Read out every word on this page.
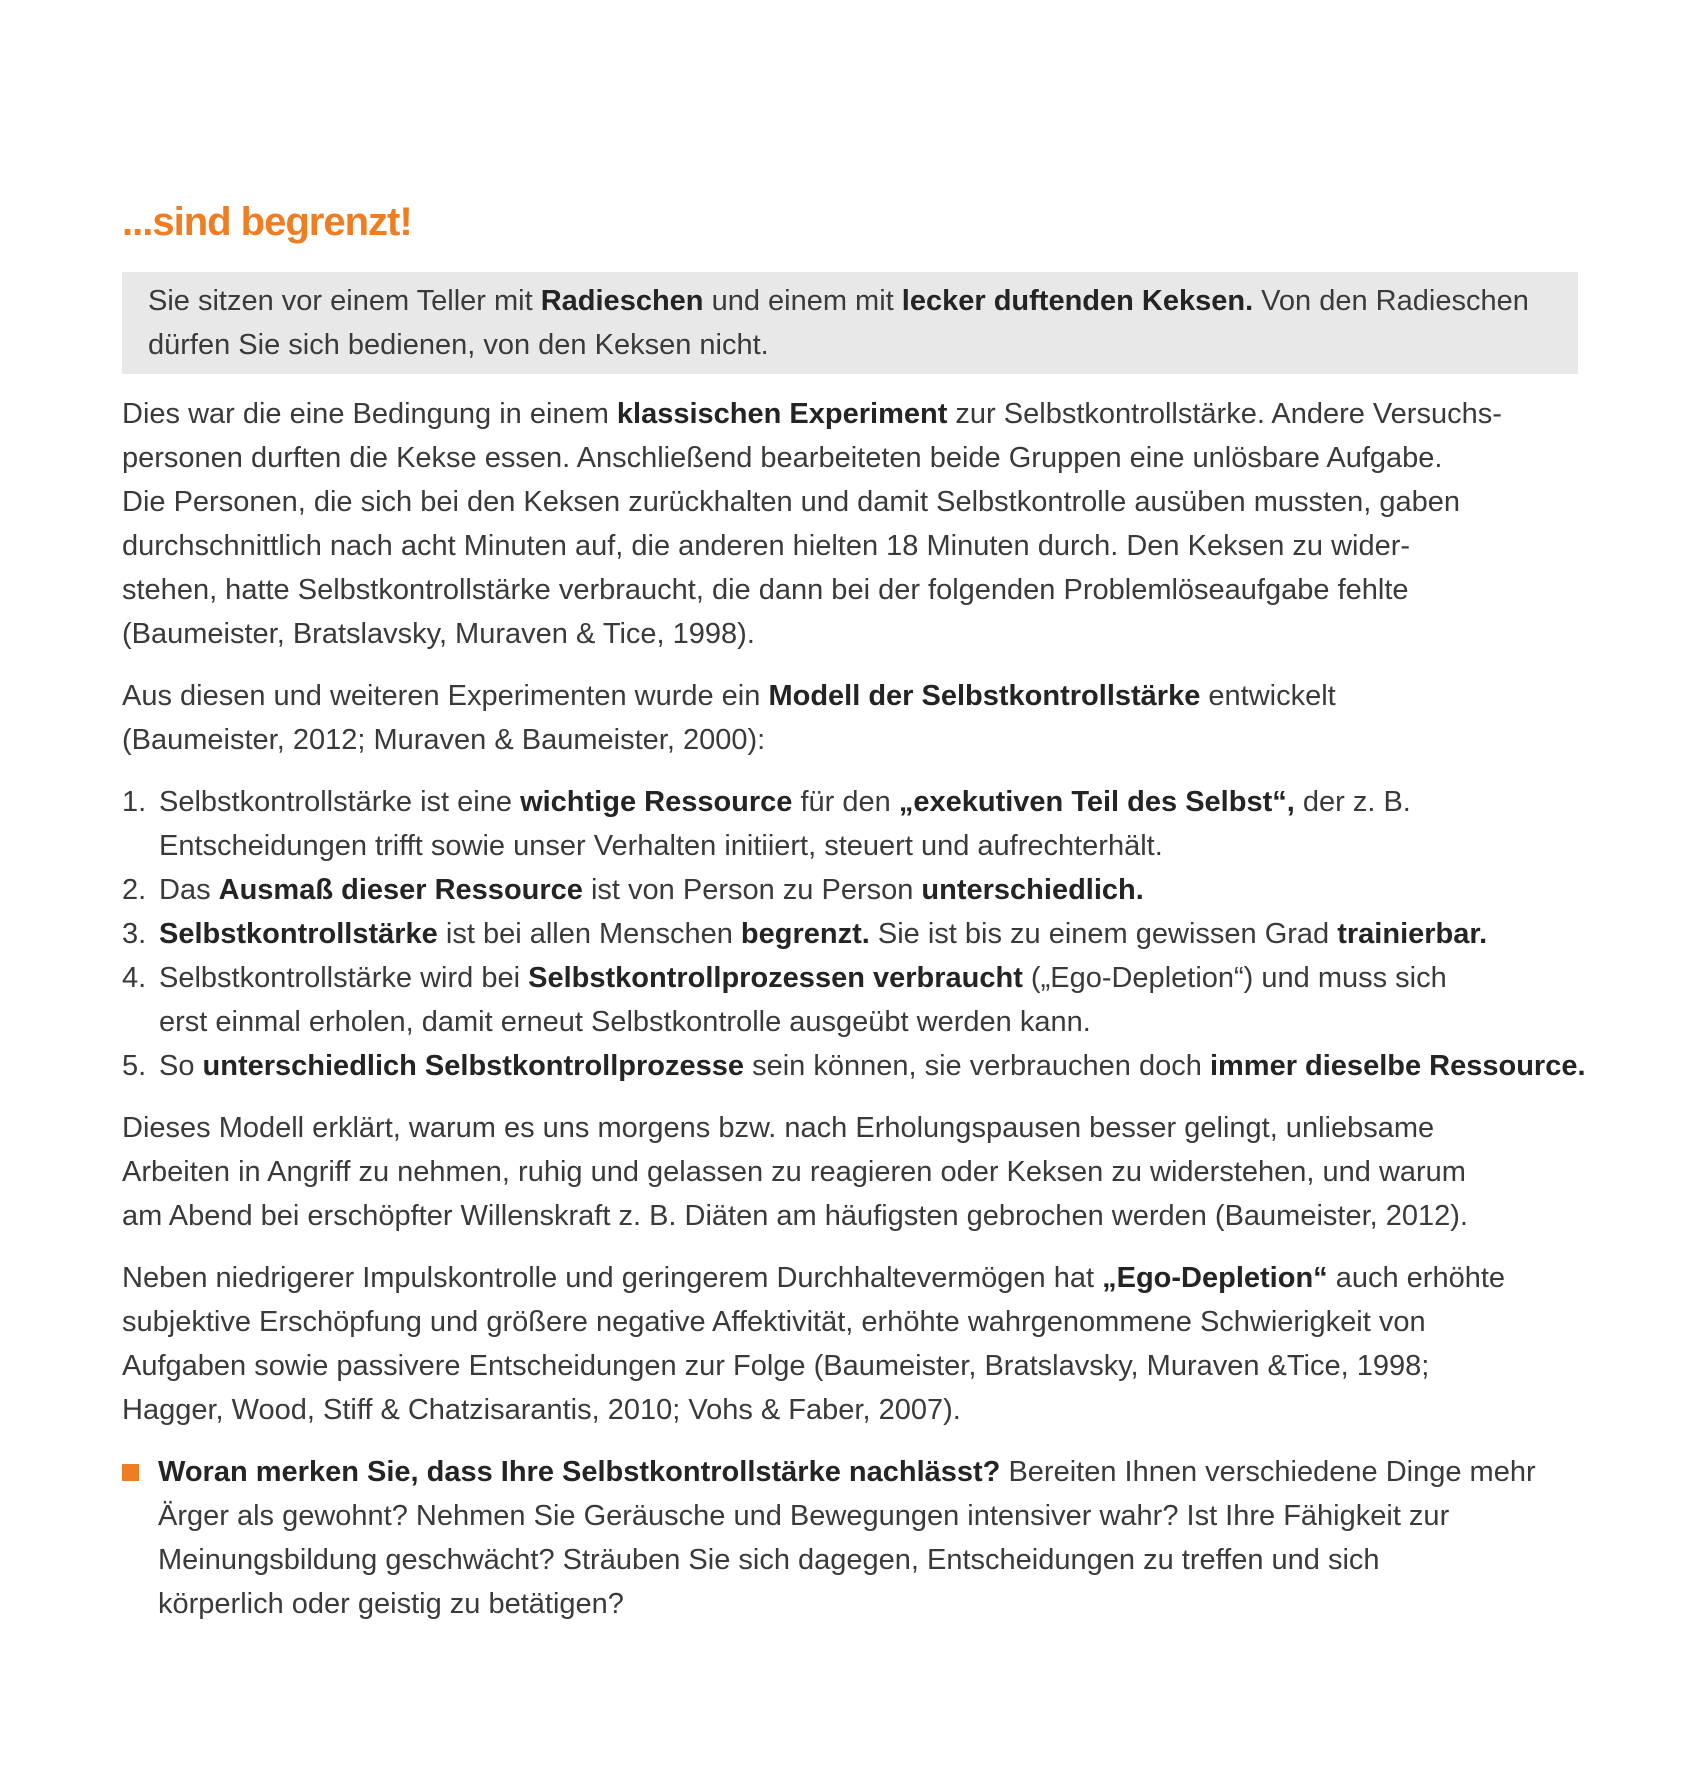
...sind begrenzt!
Sie sitzen vor einem Teller mit Radieschen und einem mit lecker duftenden Keksen. Von den Radieschen
dürfen Sie sich bedienen, von den Keksen nicht.
Dies war die eine Bedingung in einem klassischen Experiment zur Selbstkontrollstärke. Andere Versuchs-
personen durften die Kekse essen. Anschließend bearbeiteten beide Gruppen eine unlösbare Aufgabe.
Die Personen, die sich bei den Keksen zurückhalten und damit Selbstkontrolle ausüben mussten, gaben
durchschnittlich nach acht Minuten auf, die anderen hielten 18 Minuten durch. Den Keksen zu wider-
stehen, hatte Selbstkontrollstärke verbraucht, die dann bei der folgenden Problemlöseaufgabe fehlte
(Baumeister, Bratslavsky, Muraven & Tice, 1998).
Aus diesen und weiteren Experimenten wurde ein Modell der Selbstkontrollstärke entwickelt
(Baumeister, 2012; Muraven & Baumeister, 2000):
1. Selbstkontrollstärke ist eine wichtige Ressource für den „exekutiven Teil des Selbst“, der z. B.
Entscheidungen trifft sowie unser Verhalten initiiert, steuert und aufrechterhält.
2. Das Ausmaß dieser Ressource ist von Person zu Person unterschiedlich.
3. Selbstkontrollstärke ist bei allen Menschen begrenzt. Sie ist bis zu einem gewissen Grad trainierbar.
4. Selbstkontrollstärke wird bei Selbstkontrollprozessen verbraucht („Ego-Depletion“) und muss sich
erst einmal erholen, damit erneut Selbstkontrolle ausgeübt werden kann.
5. So unterschiedlich Selbstkontrollprozesse sein können, sie verbrauchen doch immer dieselbe Ressource.
Dieses Modell erklärt, warum es uns morgens bzw. nach Erholungspausen besser gelingt, unliebsame
Arbeiten in Angriff zu nehmen, ruhig und gelassen zu reagieren oder Keksen zu widerstehen, und warum
am Abend bei erschöpfter Willenskraft z. B. Diäten am häufigsten gebrochen werden (Baumeister, 2012).
Neben niedrigerer Impulskontrolle und geringerem Durchhaltevermögen hat „Ego-Depletion“ auch erhöhte
subjektive Erschöpfung und größere negative Affektivität, erhöhte wahrgenommene Schwierigkeit von
Aufgaben sowie passivere Entscheidungen zur Folge (Baumeister, Bratslavsky, Muraven &Tice, 1998;
Hagger, Wood, Stiff & Chatzisarantis, 2010; Vohs & Faber, 2007).
Woran merken Sie, dass Ihre Selbstkontrollstärke nachlässt? Bereiten Ihnen verschiedene Dinge mehr
Ärger als gewohnt? Nehmen Sie Geräusche und Bewegungen intensiver wahr? Ist Ihre Fähigkeit zur
Meinungsbildung geschwächt? Sträuben Sie sich dagegen, Entscheidungen zu treffen und sich
körperlich oder geistig zu betätigen?
